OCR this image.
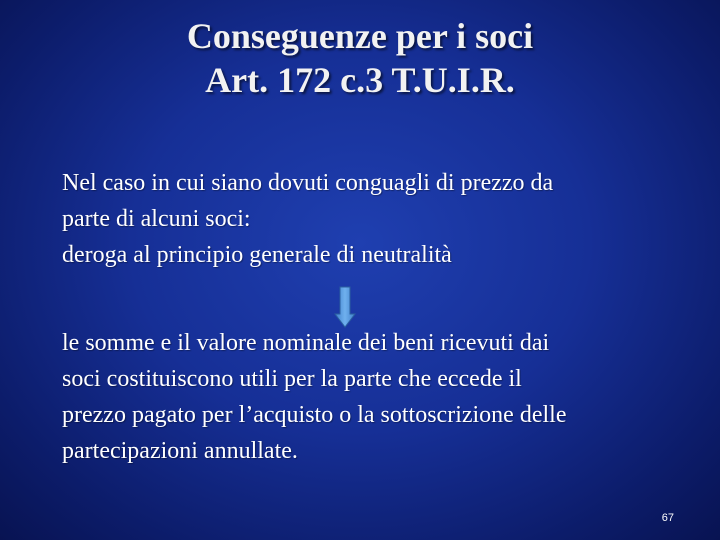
Conseguenze per i soci
Art. 172 c.3 T.U.I.R.
Nel caso in cui siano dovuti conguagli di prezzo da
parte di alcuni soci:
deroga al principio generale di neutralità
le somme e il valore nominale dei beni ricevuti dai
soci costituiscono utili per la parte che eccede il
prezzo pagato per l’acquisto o la sottoscrizione delle
partecipazioni annullate.
67
